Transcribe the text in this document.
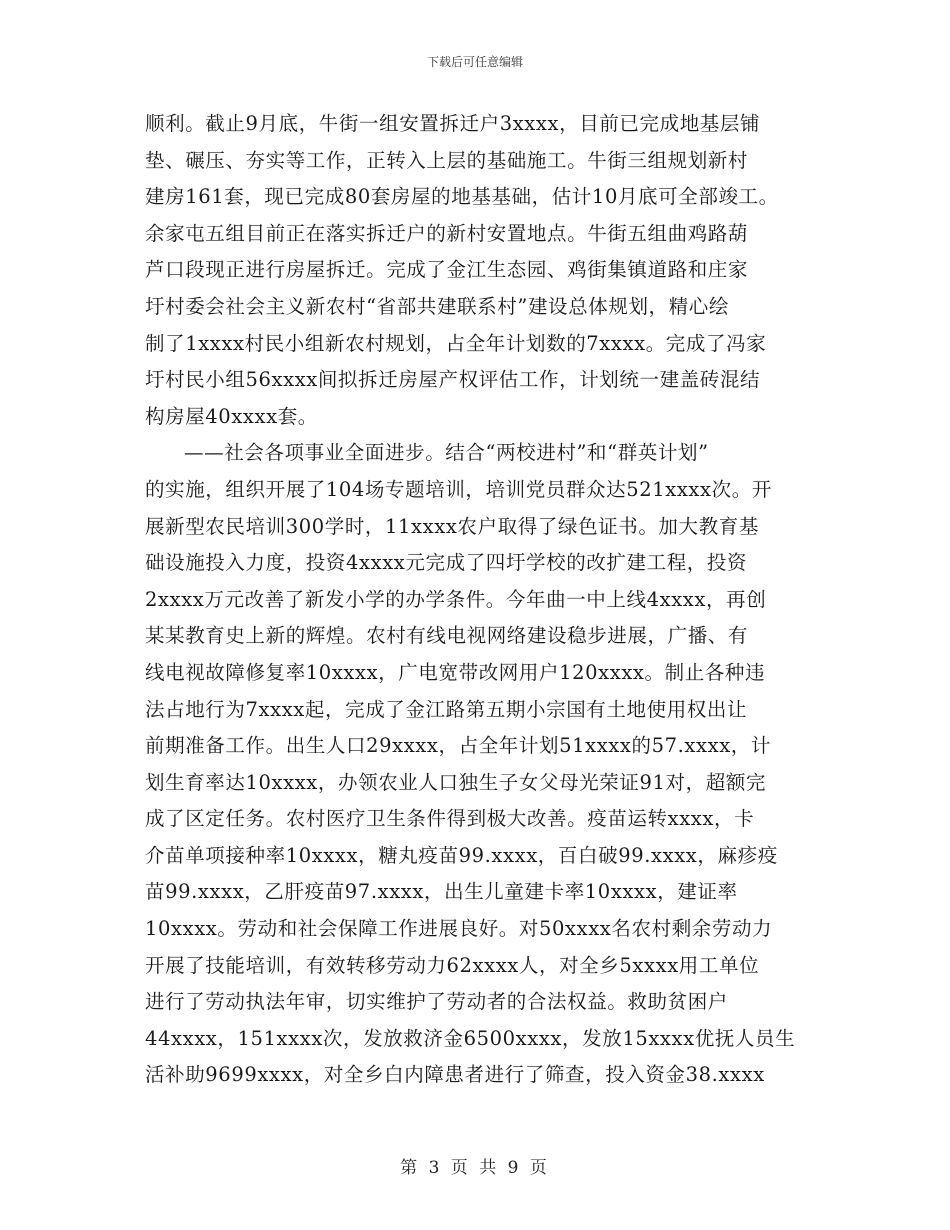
下载后可任意编辑
顺利。截止9月底，牛街一组安置拆迁户3xxxx，目前已完成地基层铺
垫、碾压、夯实等工作，正转入上层的基础施工。牛街三组规划新村
建房161套，现已完成80套房屋的地基基础，估计10月底可全部竣工。
余家屯五组目前正在落实拆迁户的新村安置地点。牛街五组曲鸡路葫
芦口段现正进行房屋拆迁。完成了金江生态园、鸡街集镇道路和庄家
圩村委会社会主义新农村“省部共建联系村”建设总体规划，精心绘
制了1xxxx村民小组新农村规划，占全年计划数的7xxxx。完成了冯家
圩村民小组56xxxx间拟拆迁房屋产权评估工作，计划统一建盖砖混结
构房屋40xxxx套。
——社会各项事业全面进步。结合“两校进村”和“群英计划”
的实施，组织开展了104场专题培训，培训党员群众达521xxxx次。开
展新型农民培训300学时，11xxxx农户取得了绿色证书。加大教育基
础设施投入力度，投资4xxxx元完成了四圩学校的改扩建工程，投资
2xxxx万元改善了新发小学的办学条件。今年曲一中上线4xxxx，再创
某某教育史上新的辉煌。农村有线电视网络建设稳步进展，广播、有
线电视故障修复率10xxxx，广电宽带改网用户120xxxx。制止各种违
法占地行为7xxxx起，完成了金江路第五期小宗国有土地使用权出让
前期准备工作。出生人口29xxxx，占全年计划51xxxx的57.xxxx，计
划生育率达10xxxx，办领农业人口独生子女父母光荣证91对，超额完
成了区定任务。农村医疗卫生条件得到极大改善。疫苗运转xxxx，卡
介苗单项接种率10xxxx，糖丸疫苗99.xxxx，百白破99.xxxx，麻疹疫
苗99.xxxx，乙肝疫苗97.xxxx，出生儿童建卡率10xxxx，建证率
10xxxx。劳动和社会保障工作进展良好。对50xxxx名农村剩余劳动力
开展了技能培训，有效转移劳动力62xxxx人，对全乡5xxxx用工单位
进行了劳动执法年审，切实维护了劳动者的合法权益。救助贫困户
44xxxx，151xxxx次，发放救济金6500xxxx，发放15xxxx优抚人员生
活补助9699xxxx，对全乡白内障患者进行了筛查，投入资金38.xxxx
第 3 页 共 9 页
